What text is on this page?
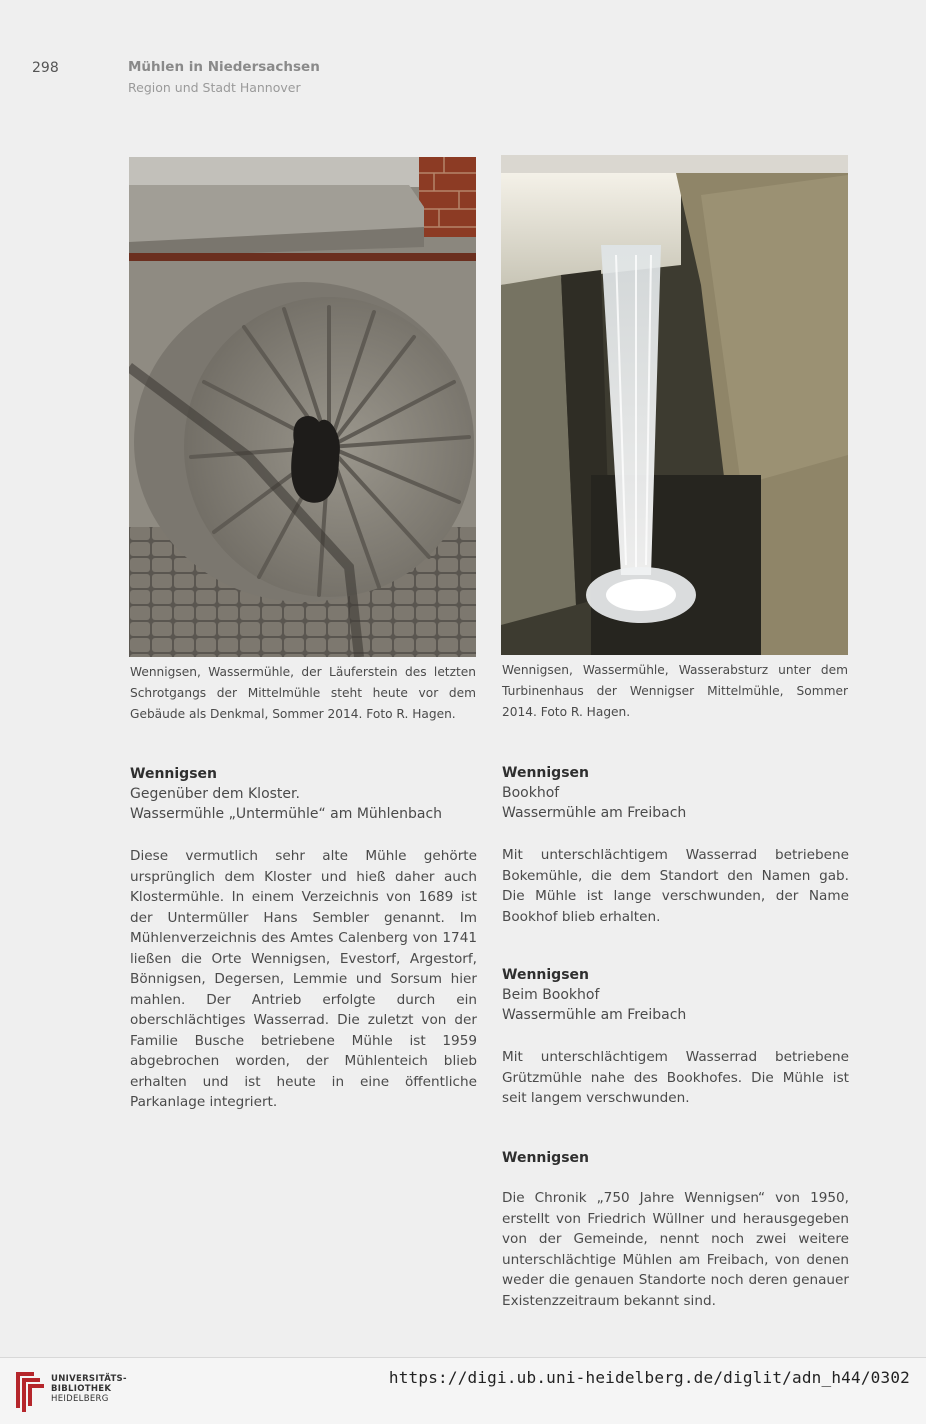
298	Mühlen in Niedersachsen
Region und Stadt Hannover
Wennigsen, Wassermühle, der Läuferstein des letzten Schrotgangs der Mittelmühle steht heute vor dem Gebäude als Denkmal, Sommer 2014. Foto R. Hagen.
Wennigsen, Wassermühle, Wasserabsturz unter dem Turbinenhaus der Wennigser Mittelmühle, Sommer 2014. Foto R. Hagen.
Wennigsen
Gegenüber dem Kloster.
Wassermühle „Untermühle“ am Mühlenbach
Diese vermutlich sehr alte Mühle gehörte ursprünglich dem Kloster und hieß daher auch Klostermühle. In einem Verzeichnis von 1689 ist der Untermüller Hans Sembler genannt. Im Mühlenverzeichnis des Amtes Calenberg von 1741 ließen die Orte Wennigsen, Evestorf, Argestorf, Bönnigsen, Degersen, Lemmie und Sorsum hier mahlen. Der Antrieb erfolgte durch ein oberschlächtiges Wasserrad. Die zuletzt von der Familie Busche betriebene Mühle ist 1959 abgebrochen worden, der Mühlenteich blieb erhalten und ist heute in eine öffentliche Parkanlage integriert.
Wennigsen
Bookhof
Wassermühle am Freibach
Mit unterschlächtigem Wasserrad betriebene Bokemühle, die dem Standort den Namen gab. Die Mühle ist lange verschwunden, der Name Bookhof blieb erhalten.
Wennigsen
Beim Bookhof
Wassermühle am Freibach
Mit unterschlächtigem Wasserrad betriebene Grützmühle nahe des Bookhofes. Die Mühle ist seit langem verschwunden.
Wennigsen
Die Chronik „750 Jahre Wennigsen“ von 1950, erstellt von Friedrich Wüllner und herausgegeben von der Gemeinde, nennt noch zwei weitere unterschlächtige Mühlen am Freibach, von denen weder die genauen Standorte noch deren genauer Existenzzeitraum bekannt sind.
UNIVERSITÄTS-
BIBLIOTHEK
HEIDELBERG
https://digi.ub.uni-heidelberg.de/diglit/adn_h44/0302
